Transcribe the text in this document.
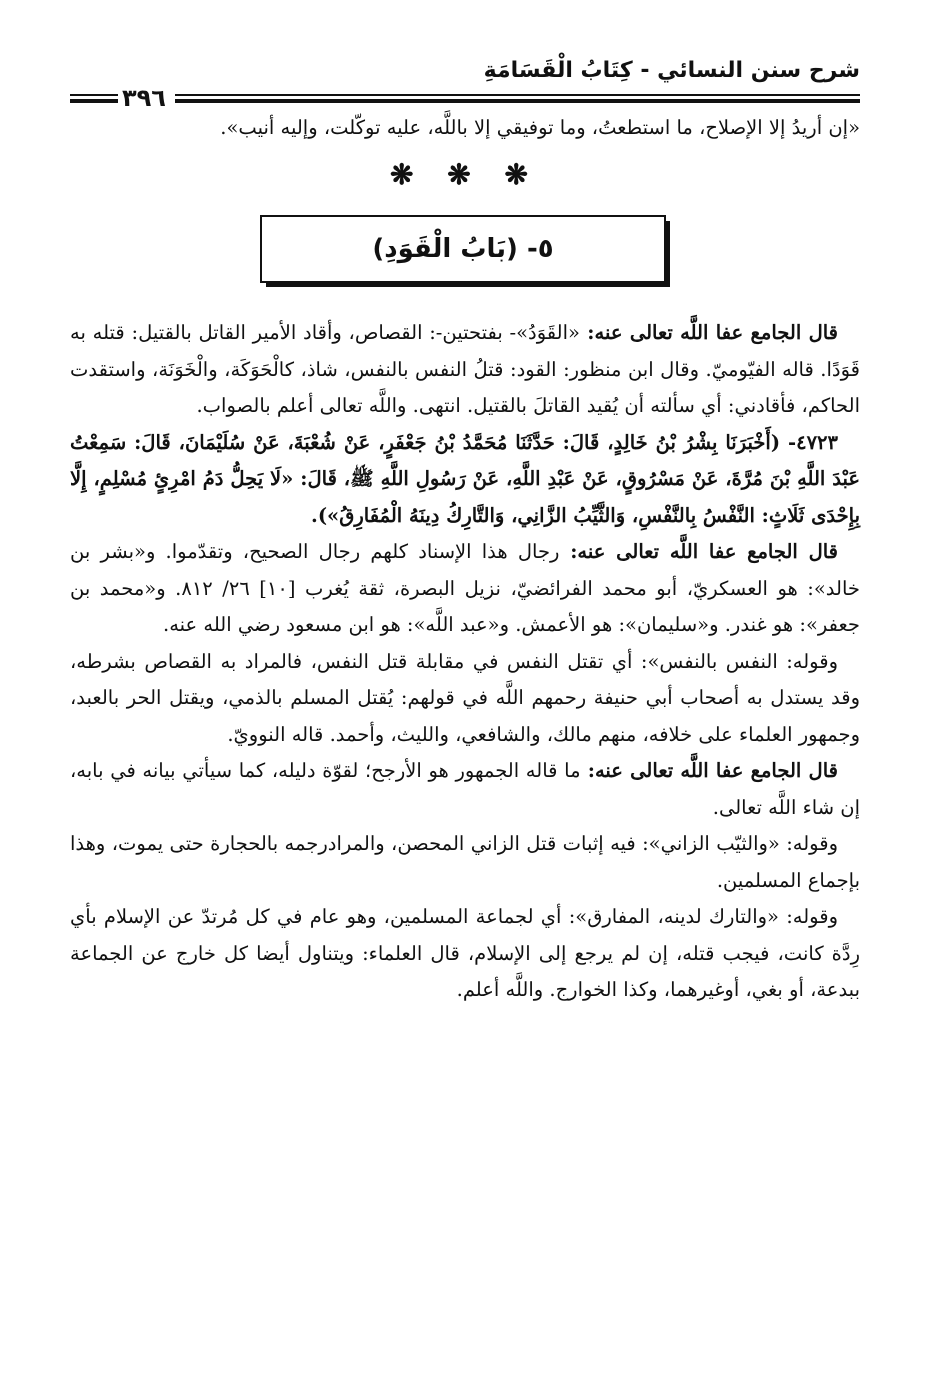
شرح سنن النسائي - كِتَابُ الْقَسَامَةِ
٣٩٦

«إن أريدُ إلا الإصلاح، ما استطعتُ، وما توفيقي إلا باللَّه، عليه توكّلت، وإليه أنيب».

❋ ❋ ❋
٥- (بَابُ الْقَوَدِ)

قال الجامع عفا اللَّه تعالى عنه: «القَوَدُ»- بفتحتين-: القصاص، وأقاد الأمير القاتل بالقتيل: قتله به قَوَدًا. قاله الفيّوميّ. وقال ابن منظور: القود: قتلُ النفس بالنفس، شاذ، كالْحَوَكَة، والْخَوَنَة، واستقدت الحاكم، فأقادني: أي سألته أن يُقيد القاتلَ بالقتيل. انتهى. واللَّه تعالى أعلم بالصواب.

٤٧٢٣- (أَخْبَرَنَا بِشْرُ بْنُ خَالِدٍ، قَالَ: حَدَّثَنَا مُحَمَّدُ بْنُ جَعْفَرٍ، عَنْ شُعْبَةَ، عَنْ سُلَيْمَانَ، قَالَ: سَمِعْتُ عَبْدَ اللَّهِ بْنَ مُرَّةَ، عَنْ مَسْرُوقٍ، عَنْ عَبْدِ اللَّهِ، عَنْ رَسُولِ اللَّهِ ﷺ، قَالَ: «لَا يَحِلُّ دَمُ امْرِئٍ مُسْلِمٍ، إِلَّا بِإِحْدَى ثَلَاثٍ: النَّفْسُ بِالنَّفْسِ، وَالثَّيِّبُ الزَّانِي، وَالتَّارِكُ دِينَهُ الْمُفَارِقُ»).

قال الجامع عفا اللَّه تعالى عنه: رجال هذا الإسناد كلهم رجال الصحيح، وتقدّموا. و«بشر بن خالد»: هو العسكريّ، أبو محمد الفرائضيّ، نزيل البصرة، ثقة يُغرب [١٠] ٢٦/ ٨١٢. و«محمد بن جعفر»: هو غندر. و«سليمان»: هو الأعمش. و«عبد اللَّه»: هو ابن مسعود رضي الله عنه.

وقوله: النفس بالنفس»: أي تقتل النفس في مقابلة قتل النفس، فالمراد به القصاص بشرطه، وقد يستدل به أصحاب أبي حنيفة رحمهم اللَّه في قولهم: يُقتل المسلم بالذمي، ويقتل الحر بالعبد، وجمهور العلماء على خلافه، منهم مالك، والشافعي، والليث، وأحمد. قاله النوويّ.

قال الجامع عفا اللَّه تعالى عنه: ما قاله الجمهور هو الأرجح؛ لقوّة دليله، كما سيأتي بيانه في بابه، إن شاء اللَّه تعالى.

وقوله: «والثيّب الزاني»: فيه إثبات قتل الزاني المحصن، والمرادرجمه بالحجارة حتى يموت، وهذا بإجماع المسلمين.

وقوله: «والتارك لدينه، المفارق»: أي لجماعة المسلمين، وهو عام في كل مُرتدّ عن الإسلام بأي رِدَّة كانت، فيجب قتله، إن لم يرجع إلى الإسلام، قال العلماء: ويتناول أيضا كل خارج عن الجماعة ببدعة، أو بغي، أوغيرهما، وكذا الخوارج. واللَّه أعلم.
